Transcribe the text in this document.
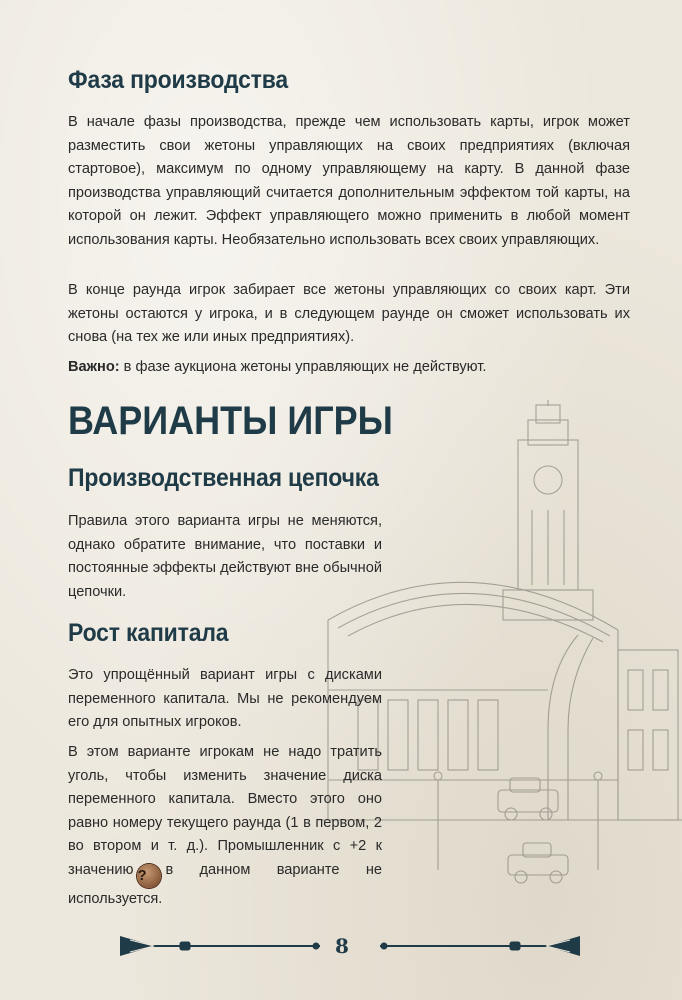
Фаза производства

В начале фазы производства, прежде чем использовать карты, игрок может разместить свои жетоны управляющих на своих предприятиях (включая стартовое), максимум по одному управляющему на карту. В данной фазе производства управляющий считается дополнительным эффектом той карты, на которой он лежит. Эффект управляющего можно применить в любой момент использования карты. Необязательно использовать всех своих управляющих.

В конце раунда игрок забирает все жетоны управляющих со своих карт. Эти жетоны остаются у игрока, и в следующем раунде он сможет использовать их снова (на тех же или иных предприятиях).

Важно: в фазе аукциона жетоны управляющих не действуют.

ВАРИАНТЫ ИГРЫ
Производственная цепочка

Правила этого варианта игры не меняются, однако обратите внимание, что поставки и постоянные эффекты действуют вне обычной цепочки.

Рост капитала

Это упрощённый вариант игры с дисками переменного капитала. Мы не рекомендуем его для опытных игроков.

В этом варианте игрокам не надо тратить уголь, чтобы изменить значение диска переменного капитала. Вместо этого оно равно номеру текущего раунда (1 в первом, 2 во втором и т. д.). Промышленник с +2 к значению ? в данном варианте не используется.

8
